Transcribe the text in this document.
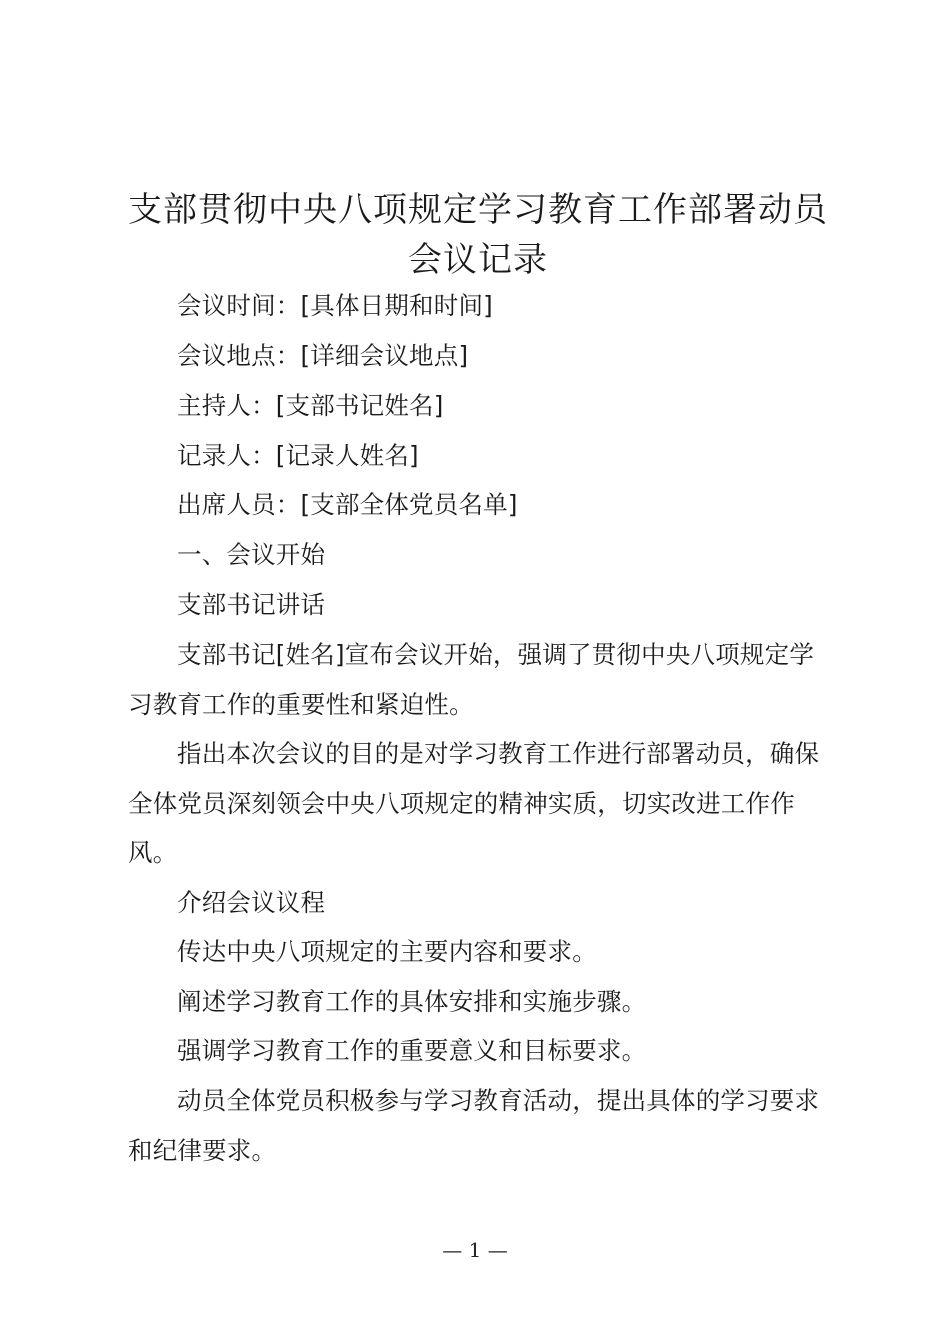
支部贯彻中央八项规定学习教育工作部署动员
会议记录

会议时间：[具体日期和时间]

会议地点：[详细会议地点]

主持人：[支部书记姓名]

记录人：[记录人姓名]

出席人员：[支部全体党员名单]

一、会议开始

支部书记讲话

支部书记[姓名]宣布会议开始，强调了贯彻中央八项规定学习教育工作的重要性和紧迫性。

指出本次会议的目的是对学习教育工作进行部署动员，确保全体党员深刻领会中央八项规定的精神实质，切实改进工作作风。

介绍会议议程

传达中央八项规定的主要内容和要求。

阐述学习教育工作的具体安排和实施步骤。

强调学习教育工作的重要意义和目标要求。

动员全体党员积极参与学习教育活动，提出具体的学习要求和纪律要求。

— 1 —
